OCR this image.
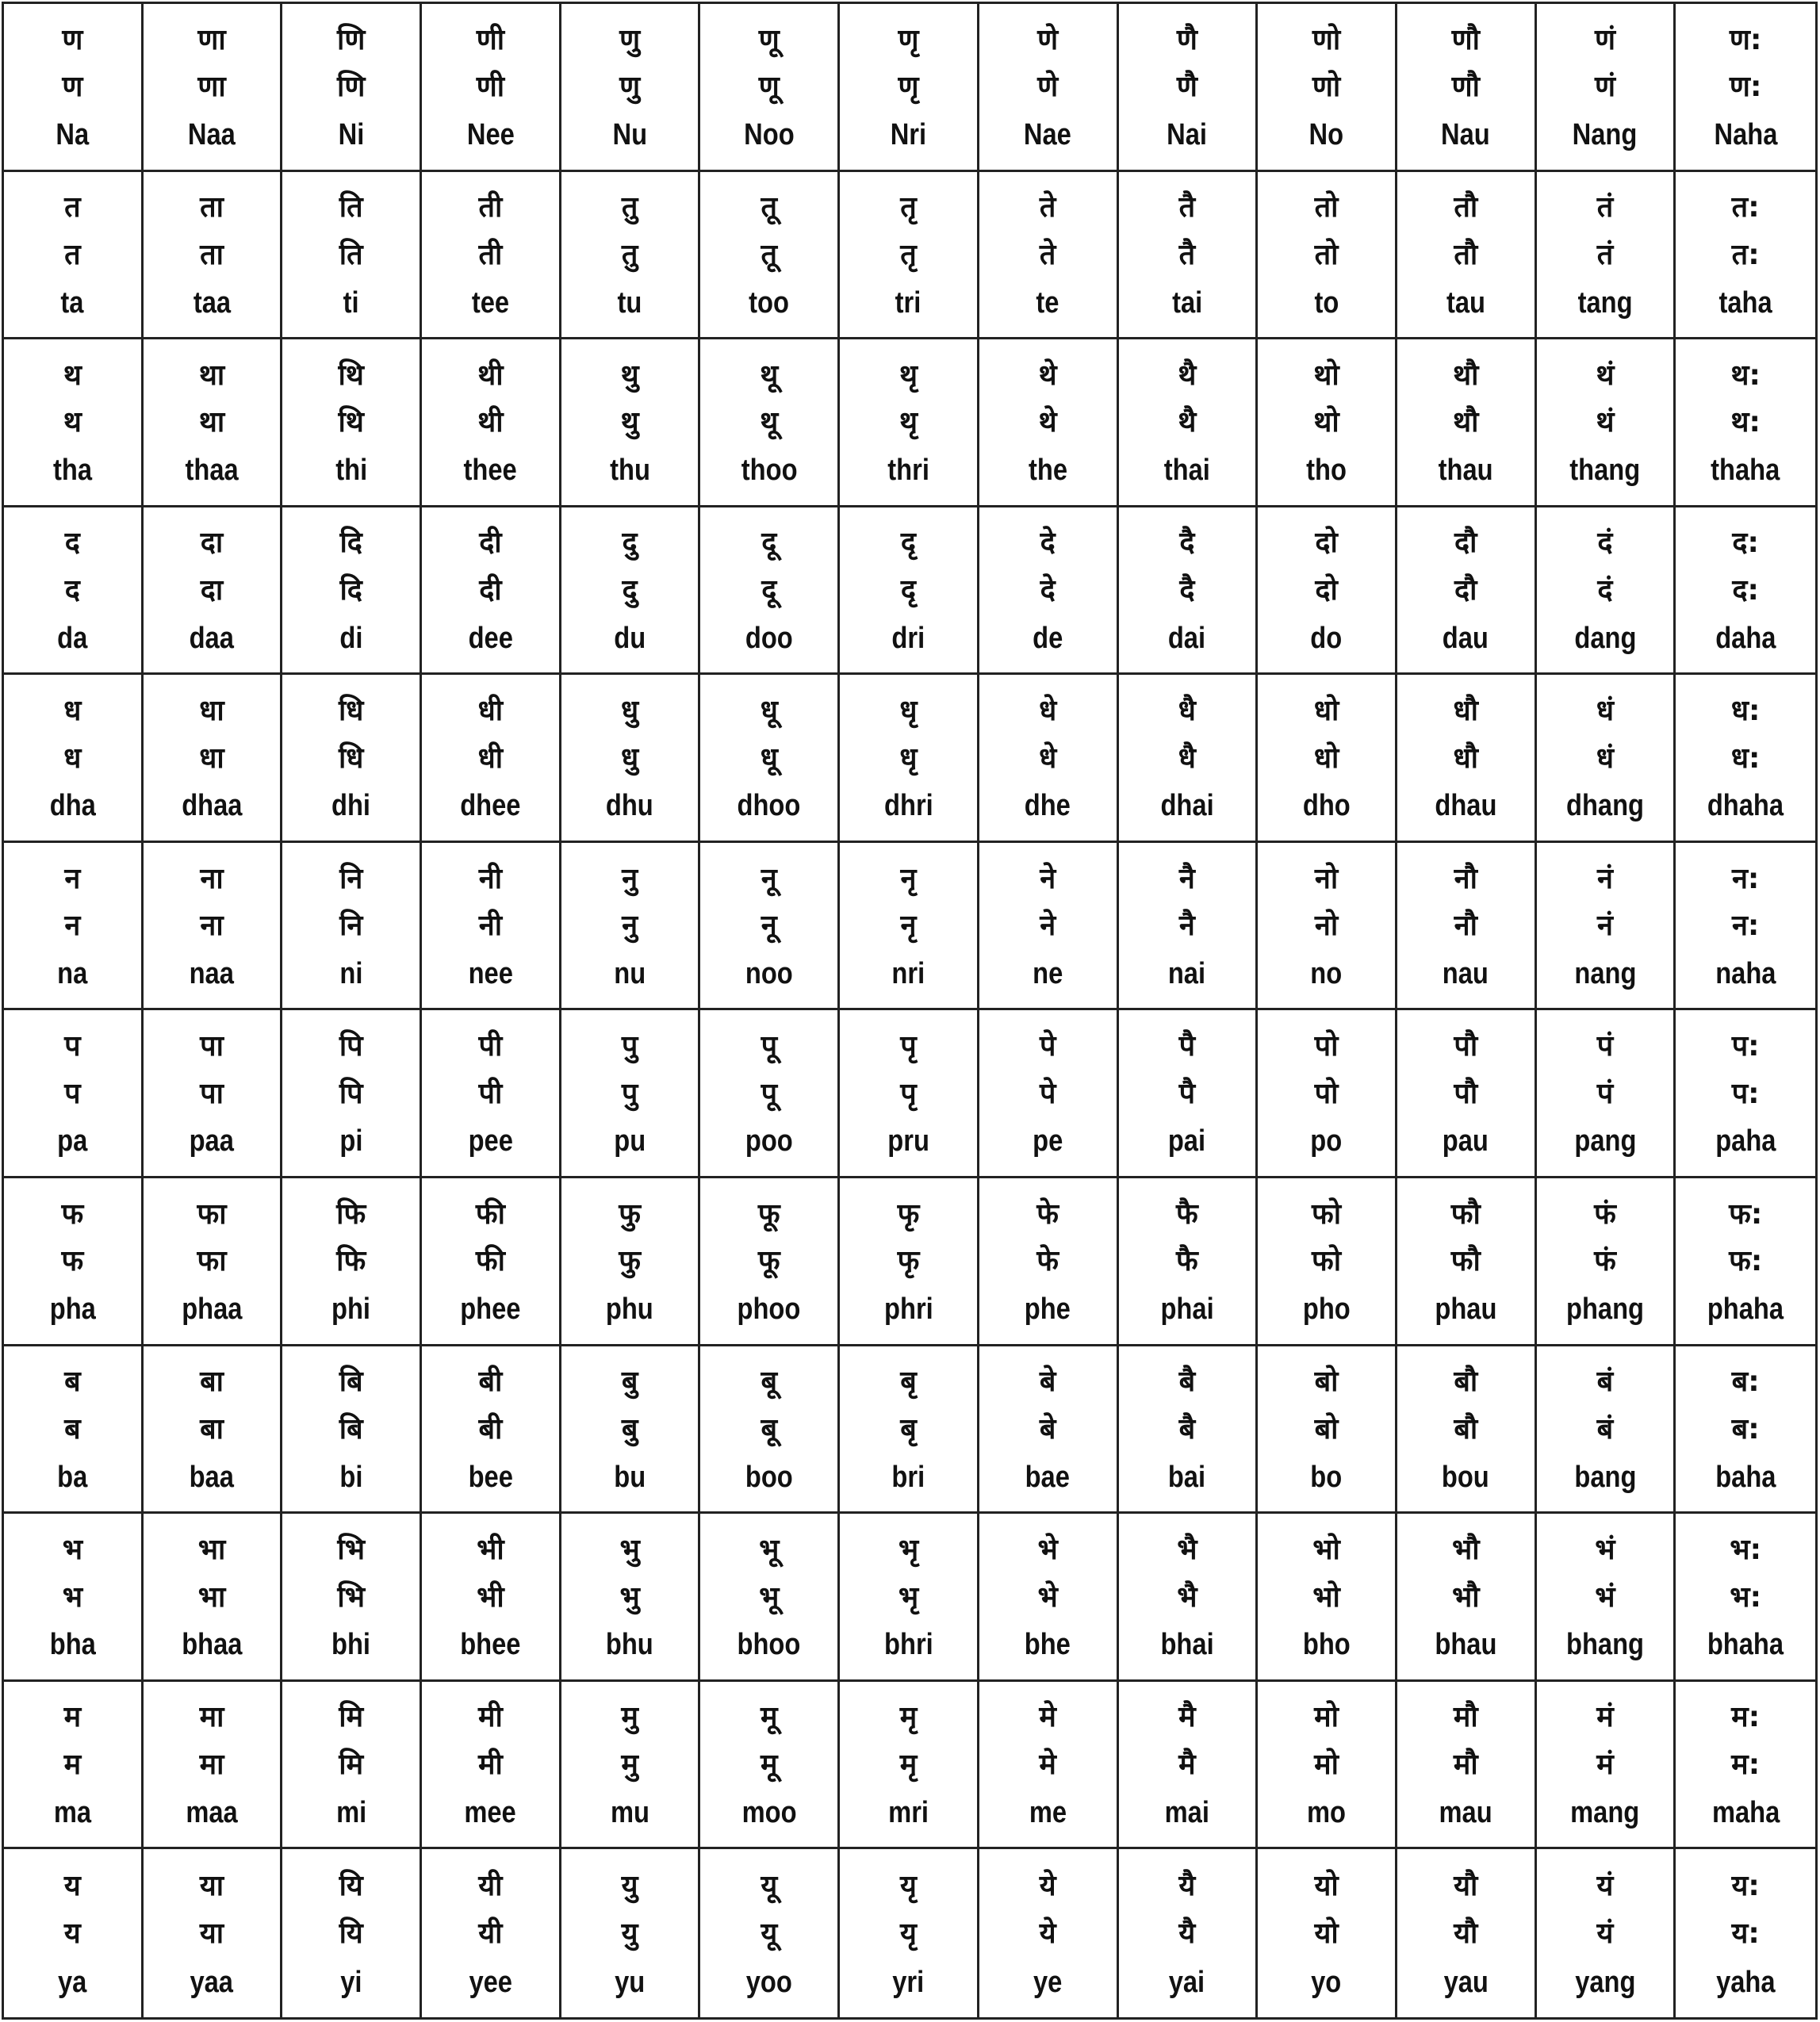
ण
ण
Na
णा
णा
Naa
णि
णि
Ni
णी
णी
Nee
णु
णु
Nu
णू
णू
Noo
णृ
णृ
Nri
णे
णे
Nae
णै
णै
Nai
णो
णो
No
णौ
णौ
Nau
णं
णं
Nang
ण:
ण:
Naha
त
त
ta
ता
ता
taa
ति
ति
ti
ती
ती
tee
तु
तु
tu
तू
तू
too
तृ
तृ
tri
ते
ते
te
तै
तै
tai
तो
तो
to
तौ
तौ
tau
तं
तं
tang
त:
त:
taha
थ
थ
tha
था
था
thaa
थि
थि
thi
थी
थी
thee
थु
थु
thu
थू
थू
thoo
थृ
थृ
thri
थे
थे
the
थै
थै
thai
थो
थो
tho
थौ
थौ
thau
थं
थं
thang
थ:
थ:
thaha
द
द
da
दा
दा
daa
दि
दि
di
दी
दी
dee
दु
दु
du
दू
दू
doo
दृ
दृ
dri
दे
दे
de
दै
दै
dai
दो
दो
do
दौ
दौ
dau
दं
दं
dang
द:
द:
daha
ध
ध
dha
धा
धा
dhaa
धि
धि
dhi
धी
धी
dhee
धु
धु
dhu
धू
धू
dhoo
धृ
धृ
dhri
धे
धे
dhe
धै
धै
dhai
धो
धो
dho
धौ
धौ
dhau
धं
धं
dhang
ध:
ध:
dhaha
न
न
na
ना
ना
naa
नि
नि
ni
नी
नी
nee
नु
नु
nu
नू
नू
noo
नृ
नृ
nri
ने
ने
ne
नै
नै
nai
नो
नो
no
नौ
नौ
nau
नं
नं
nang
न:
न:
naha
प
प
pa
पा
पा
paa
पि
पि
pi
पी
पी
pee
पु
पु
pu
पू
पू
poo
पृ
पृ
pru
पे
पे
pe
पै
पै
pai
पो
पो
po
पौ
पौ
pau
पं
पं
pang
प:
प:
paha
फ
फ
pha
फा
फा
phaa
फि
फि
phi
फी
फी
phee
फु
फु
phu
फू
फू
phoo
फृ
फृ
phri
फे
फे
phe
फै
फै
phai
फो
फो
pho
फौ
फौ
phau
फं
फं
phang
फ:
फ:
phaha
ब
ब
ba
बा
बा
baa
बि
बि
bi
बी
बी
bee
बु
बु
bu
बू
बू
boo
बृ
बृ
bri
बे
बे
bae
बै
बै
bai
बो
बो
bo
बौ
बौ
bou
बं
बं
bang
ब:
ब:
baha
भ
भ
bha
भा
भा
bhaa
भि
भि
bhi
भी
भी
bhee
भु
भु
bhu
भू
भू
bhoo
भृ
भृ
bhri
भे
भे
bhe
भै
भै
bhai
भो
भो
bho
भौ
भौ
bhau
भं
भं
bhang
भ:
भ:
bhaha
म
म
ma
मा
मा
maa
मि
मि
mi
मी
मी
mee
मु
मु
mu
मू
मू
moo
मृ
मृ
mri
मे
मे
me
मै
मै
mai
मो
मो
mo
मौ
मौ
mau
मं
मं
mang
म:
म:
maha
य
य
ya
या
या
yaa
यि
यि
yi
यी
यी
yee
यु
यु
yu
यू
यू
yoo
यृ
यृ
yri
ये
ये
ye
यै
यै
yai
यो
यो
yo
यौ
यौ
yau
यं
यं
yang
य:
य:
yaha
